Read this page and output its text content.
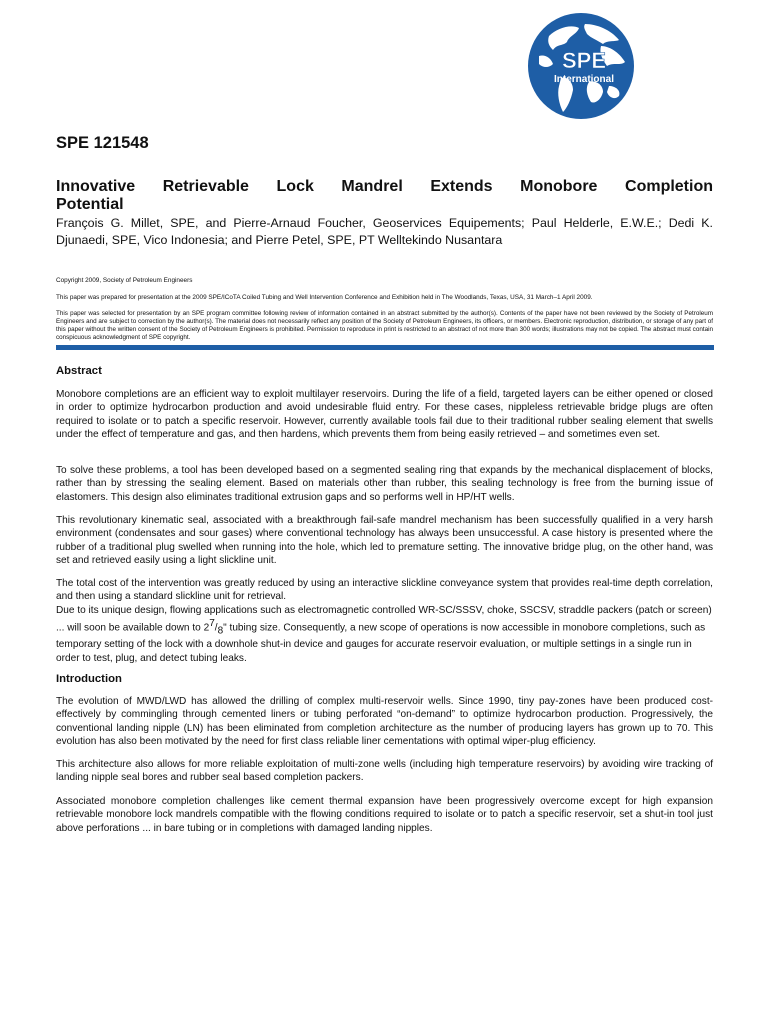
SPE
International
SPE 121548
Innovative Retrievable Lock Mandrel Extends Monobore Completion
Potential
François G. Millet, SPE, and Pierre-Arnaud Foucher, Geoservices Equipements; Paul Helderle, E.W.E.; Dedi K. Djunaedi, SPE, Vico Indonesia; and Pierre Petel, SPE, PT Welltekindo Nusantara
Copyright 2009, Society of Petroleum Engineers
This paper was prepared for presentation at the 2009 SPE/ICoTA Coiled Tubing and Well Intervention Conference and Exhibition held in The Woodlands, Texas, USA, 31 March–1 April 2009.
This paper was selected for presentation by an SPE program committee following review of information contained in an abstract submitted by the author(s). Contents of the paper have not been reviewed by the Society of Petroleum Engineers and are subject to correction by the author(s). The material does not necessarily reflect any position of the Society of Petroleum Engineers, its officers, or members. Electronic reproduction, distribution, or storage of any part of this paper without the written consent of the Society of Petroleum Engineers is prohibited. Permission to reproduce in print is restricted to an abstract of not more than 300 words; illustrations may not be copied. The abstract must contain conspicuous acknowledgment of SPE copyright.
Abstract

Monobore completions are an efficient way to exploit multilayer reservoirs. During the life of a field, targeted layers can be either opened or closed in order to optimize hydrocarbon production and avoid undesirable fluid entry. For these cases, nippleless retrievable bridge plugs are often required to isolate or to patch a specific reservoir. However, currently available tools fail due to their traditional rubber sealing element that swells under the effect of temperature and gas, and then hardens, which prevents them from being easily retrieved – and sometimes even set.

To solve these problems, a tool has been developed based on a segmented sealing ring that expands by the mechanical displacement of blocks, rather than by stressing the sealing element. Based on materials other than rubber, this sealing technology is free from the burning issue of elastomers. This design also eliminates traditional extrusion gaps and so performs well in HP/HT wells.

This revolutionary kinematic seal, associated with a breakthrough fail-safe mandrel mechanism has been successfully qualified in a very harsh environment (condensates and sour gases) where conventional technology has always been unsuccessful. A case history is presented where the rubber of a traditional plug swelled when running into the hole, which led to premature setting. The innovative bridge plug, on the other hand, was set and retrieved easily using a light slickline unit.

The total cost of the intervention was greatly reduced by using an interactive slickline conveyance system that provides real-time depth correlation, and then using a standard slickline unit for retrieval.

Due to its unique design, flowing applications such as electromagnetic controlled WR-SC/SSSV, choke, SSCSV, straddle packers (patch or screen) ... will soon be available down to $2^7/_8$" tubing size. Consequently, a new scope of operations is now accessible in monobore completions, such as temporary setting of the lock with a downhole shut-in device and gauges for accurate reservoir evaluation, or multiple settings in a single run in order to test, plug, and detect tubing leaks.

Introduction

The evolution of MWD/LWD has allowed the drilling of complex multi-reservoir wells. Since 1990, tiny pay-zones have been produced cost-effectively by commingling through cemented liners or tubing perforated “on-demand” to optimize hydrocarbon production. Progressively, the conventional landing nipple (LN) has been eliminated from completion architecture as the number of producing layers has grown up to 70. This evolution has also been motivated by the need for first class reliable liner cementations with optimal wiper-plug efficiency.

This architecture also allows for more reliable exploitation of multi-zone wells (including high temperature reservoirs) by avoiding wire tracking of landing nipple seal bores and rubber seal based completion packers.

Associated monobore completion challenges like cement thermal expansion have been progressively overcome except for high expansion retrievable monobore lock mandrels compatible with the flowing conditions required to isolate or to patch a specific reservoir, set a shut-in tool just above perforations ... in bare tubing or in completions with damaged landing nipples.
